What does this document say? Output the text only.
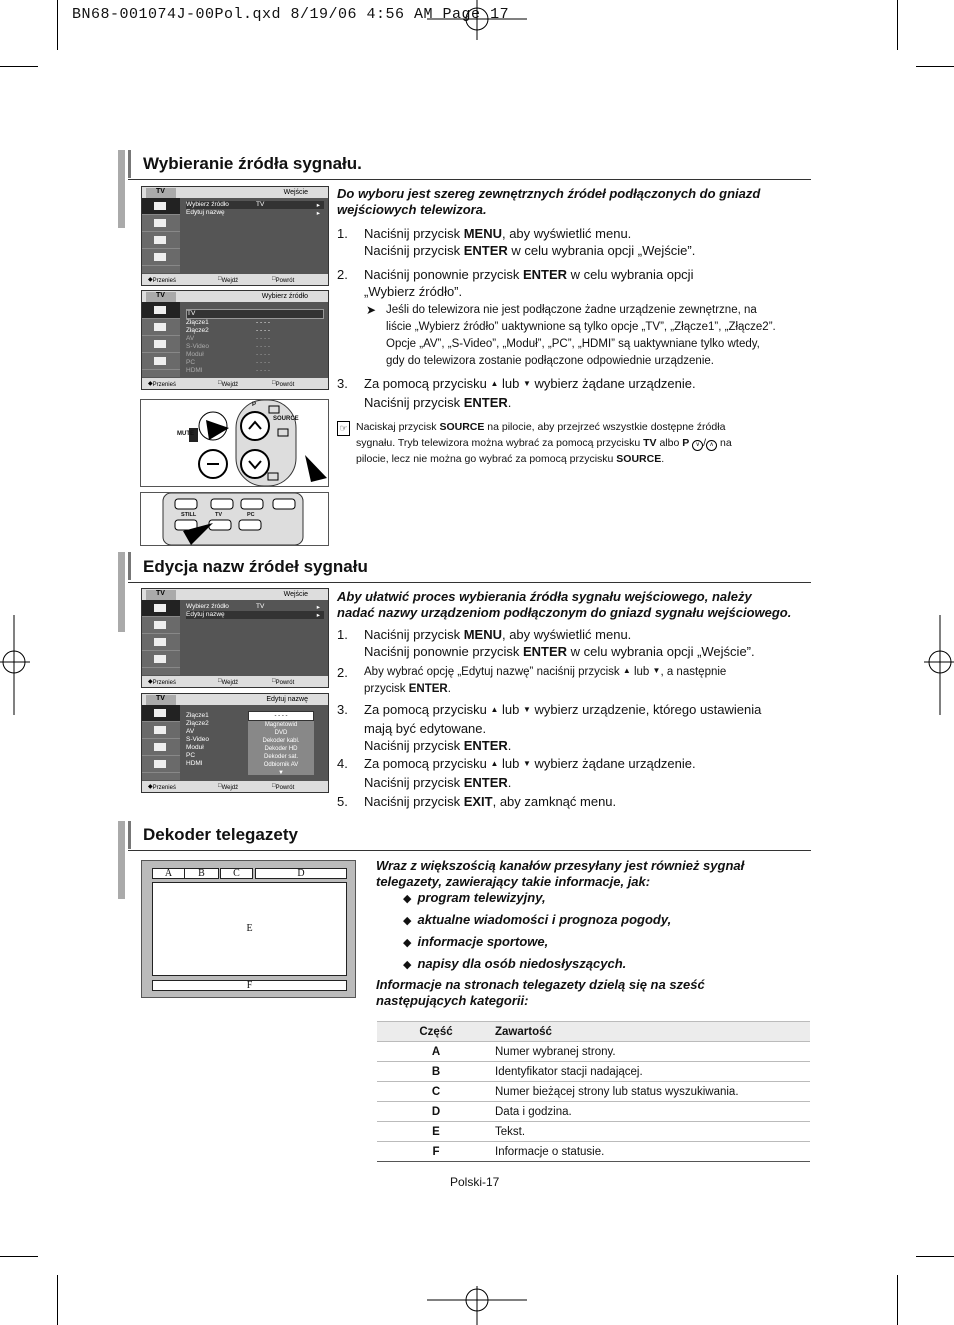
BN68-001074J-00Pol.qxd 8/19/06 4:56 AM Page 17
Wybieranie źródła sygnału.
Do wyboru jest szereg zewnętrznych źródeł podłączonych do gniazd wejściowych telewizora.
1. Naciśnij przycisk MENU, aby wyświetlić menu.
Naciśnij przycisk ENTER w celu wybrania opcji „Wejście”.
2. Naciśnij ponownie przycisk ENTER w celu wybrania opcji
„Wybierz źródło”.
➤ Jeśli do telewizora nie jest podłączone żadne urządzenie zewnętrzne, na
liście „Wybierz źródło” uaktywnione są tylko opcje „TV”, „Złącze1”, „Złącze2”.
Opcje „AV”, „S-Video”, „Moduł”, „PC”, „HDMI” są uaktywniane tylko wtedy,
gdy do telewizora zostanie podłączone odpowiednie urządzenie.
3. Za pomocą przycisku ▲ lub ▼ wybierz żądane urządzenie.
Naciśnij przycisk ENTER.
☞ Naciskaj przycisk SOURCE na pilocie, aby przejrzeć wszystkie dostępne źródła
sygnału. Tryb telewizora można wybrać za pomocą przycisku TV albo P ∨ / ∧ na
pilocie, lecz nie można go wybrać za pomocą przycisku SOURCE.
TV	Wejście
Wybierz źródło	TV	▸
Edytuj nazwę	▸
◆ Przenieś	□ Wejdź	□ Powrót
TV	Wybierz źródło
TV
Złącze1	- - - -
Złącze2	- - - -
AV	- - - -
S-Video	- - - -
Moduł	- - - -
PC	- - - -
HDMI	- - - -
◆ Przenieś	□ Wejdź	□ Powrót
SOURCE
MUTE
P
STILL	TV	PC
Edycja nazw źródeł sygnału
Aby ułatwić proces wybierania źródła sygnału wejściowego, należy
nadać nazwy urządzeniom podłączonym do gniazd sygnału wejściowego.
1. Naciśnij przycisk MENU, aby wyświetlić menu.
Naciśnij ponownie przycisk ENTER w celu wybrania opcji „Wejście”.
2. Aby wybrać opcję „Edytuj nazwę” naciśnij przycisk ▲ lub ▼ , a następnie
przycisk ENTER.
3. Za pomocą przycisku ▲ lub ▼ wybierz urządzenie, którego ustawienia
mają być edytowane.
Naciśnij przycisk ENTER.
4. Za pomocą przycisku ▲ lub ▼ wybierz żądane urządzenie.
Naciśnij przycisk ENTER.
5. Naciśnij przycisk EXIT, aby zamknąć menu.
TV	Wejście
Wybierz źródło	TV	▸
Edytuj nazwę	▸
◆ Przenieś	□ Wejdź	□ Powrót
TV	Edytuj nazwę
Złącze1
Złącze2
AV
S-Video
Moduł
PC
HDMI
- - - -
Magnetowid
DVD
Dekoder kabl.
Dekoder HD
Dekoder sat.
Odbiornik AV
▼
◆ Przenieś	□ Wejdź	□ Powrót
Dekoder telegazety
A	B	C	D
E
F
Wraz z większością kanałów przesyłany jest również sygnał
telegazety, zawierający takie informacje, jak:
◆ program telewizyjny,
◆ aktualne wiadomości i prognoza pogody,
◆ informacje sportowe,
◆ napisy dla osób niedosłyszących.
Informacje na stronach telegazety dzielą się na sześć
następujących kategorii:
Część	Zawartość
A	Numer wybranej strony.
B	Identyfikator stacji nadającej.
C	Numer bieżącej strony lub status wyszukiwania.
D	Data i godzina.
E	Tekst.
F	Informacje o statusie.
Polski-17
